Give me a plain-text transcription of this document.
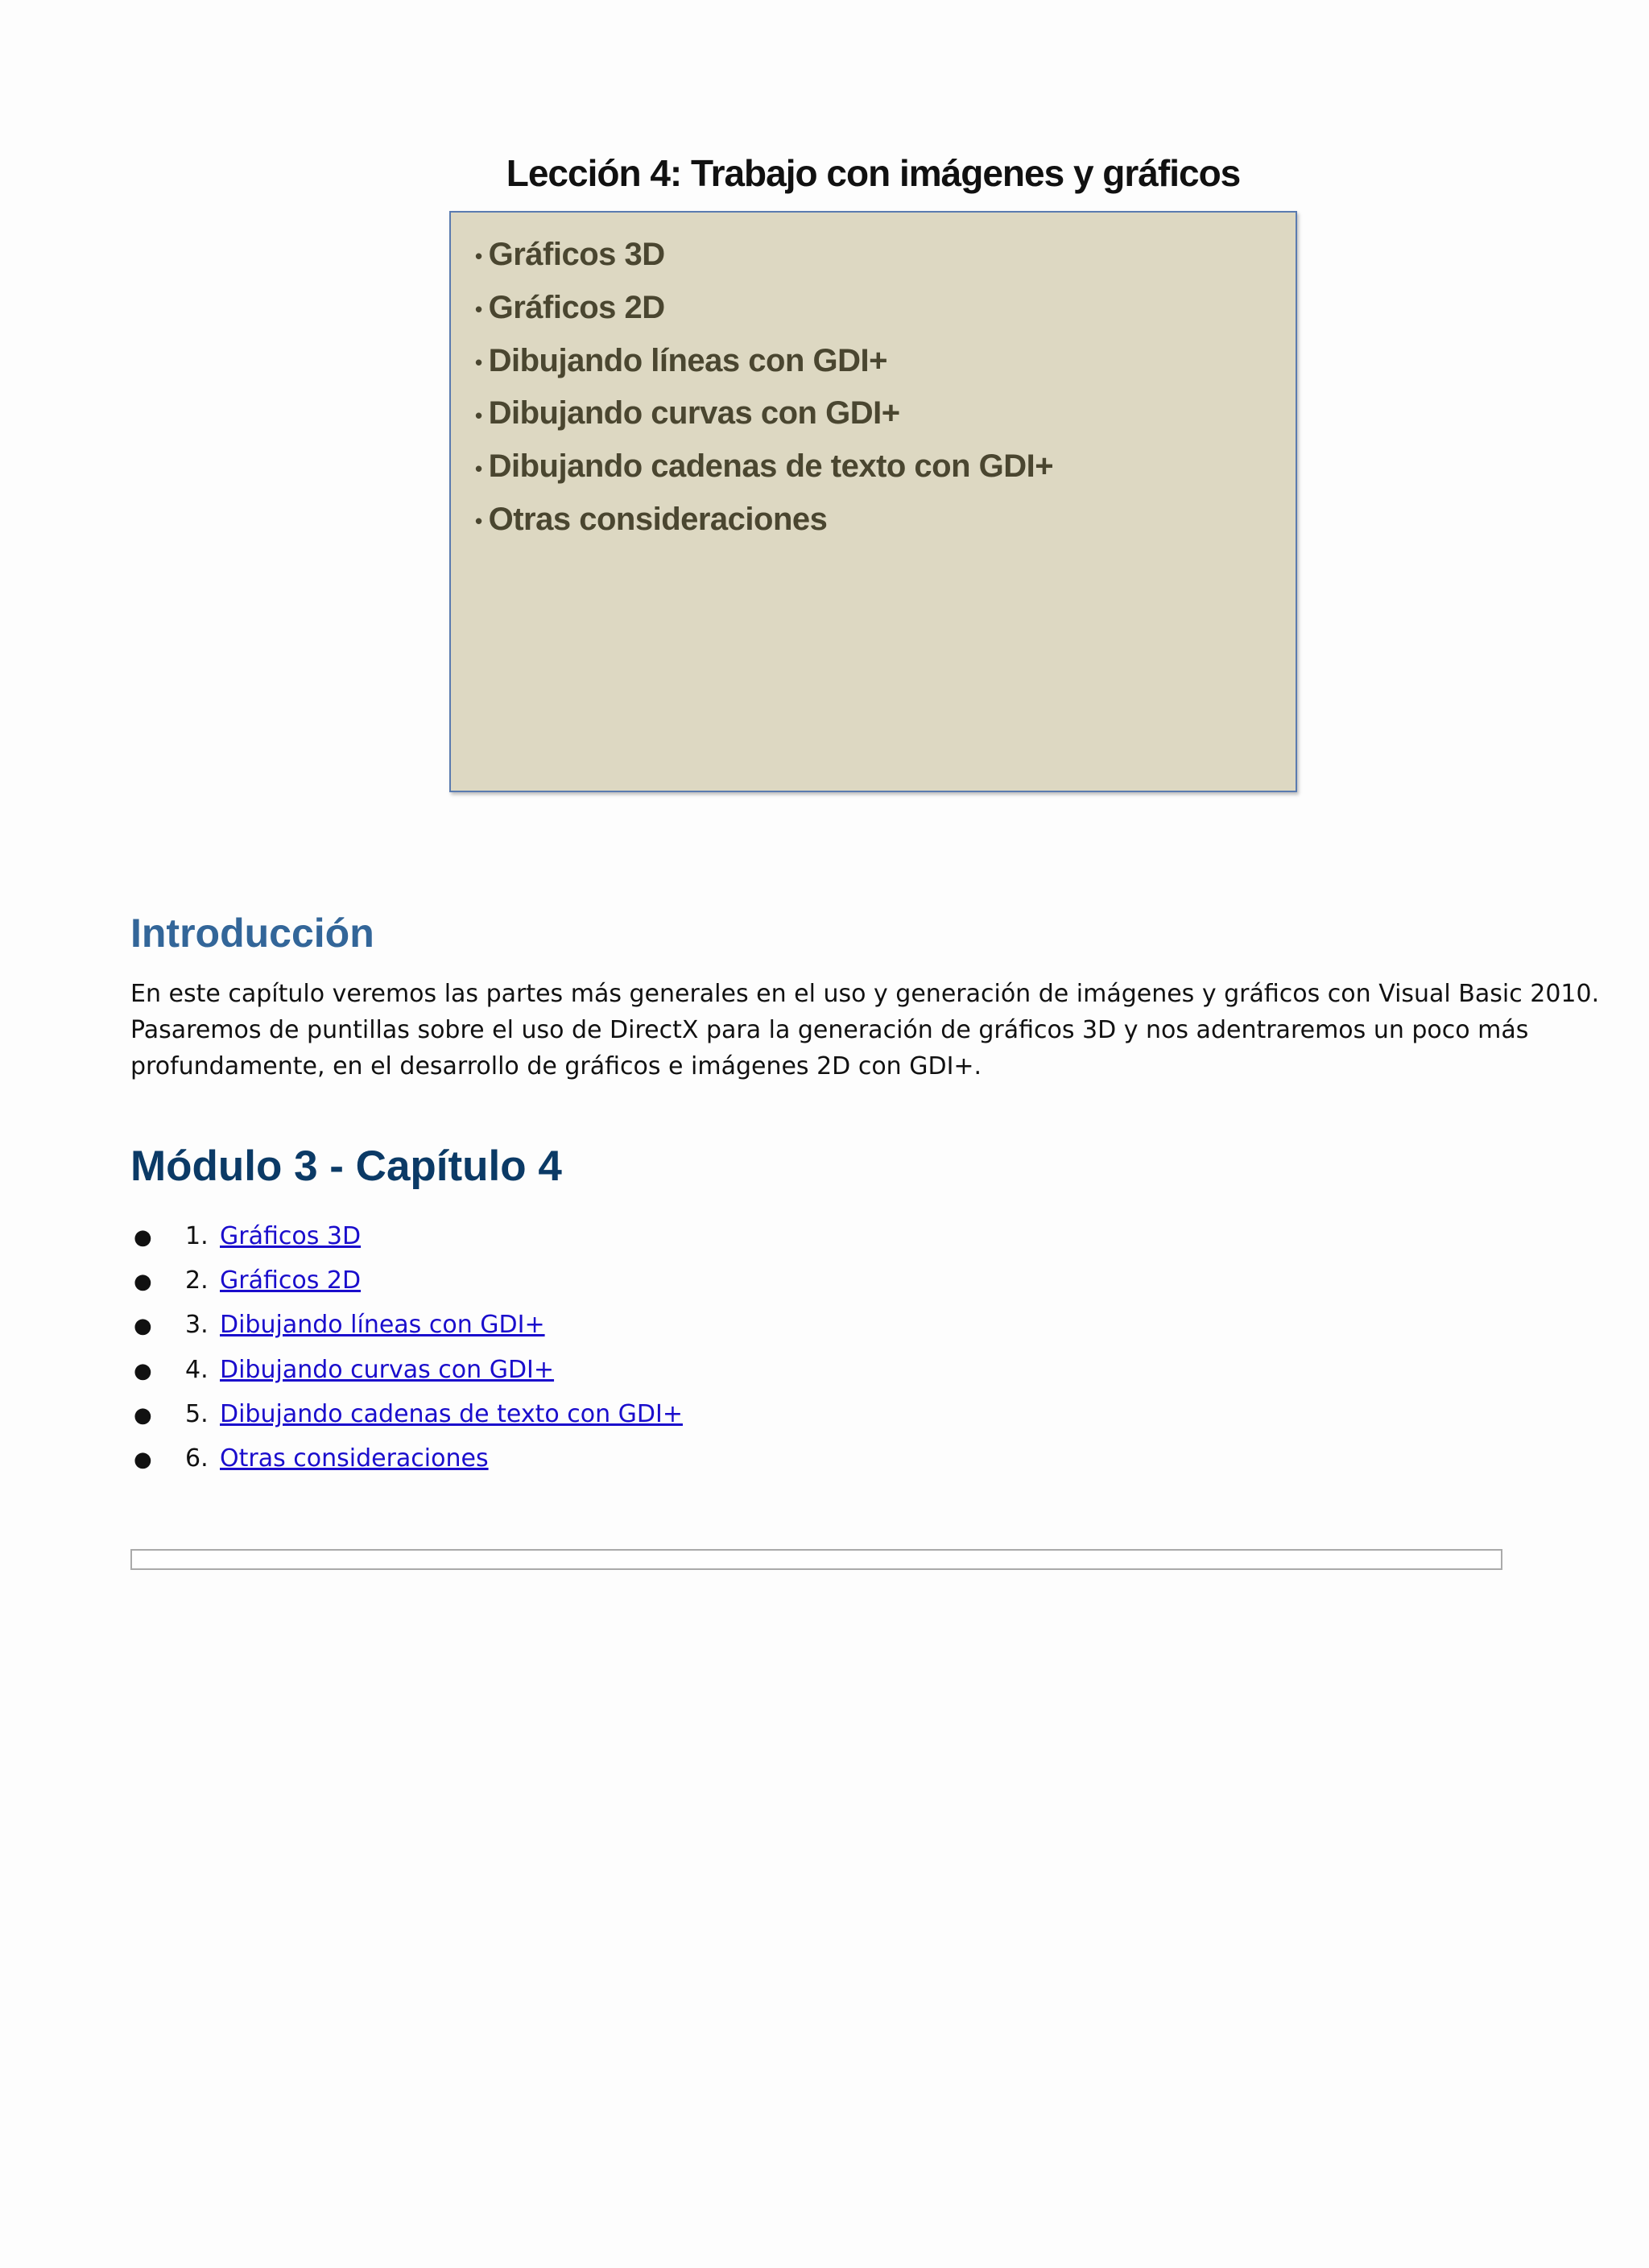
Lección 4: Trabajo con imágenes y gráficos
• Gráficos 3D
• Gráficos 2D
• Dibujando líneas con GDI+
• Dibujando curvas con GDI+
• Dibujando cadenas de texto con GDI+
• Otras consideraciones
Introducción
En este capítulo veremos las partes más generales en el uso y generación de imágenes y gráficos con Visual Basic 2010.
Pasaremos de puntillas sobre el uso de DirectX para la generación de gráficos 3D y nos adentraremos un poco más profundamente, en el desarrollo de gráficos e imágenes 2D con GDI+.
Módulo 3 - Capítulo 4
● 1. Gráficos 3D
● 2. Gráficos 2D
● 3. Dibujando líneas con GDI+
● 4. Dibujando curvas con GDI+
● 5. Dibujando cadenas de texto con GDI+
● 6. Otras consideraciones
